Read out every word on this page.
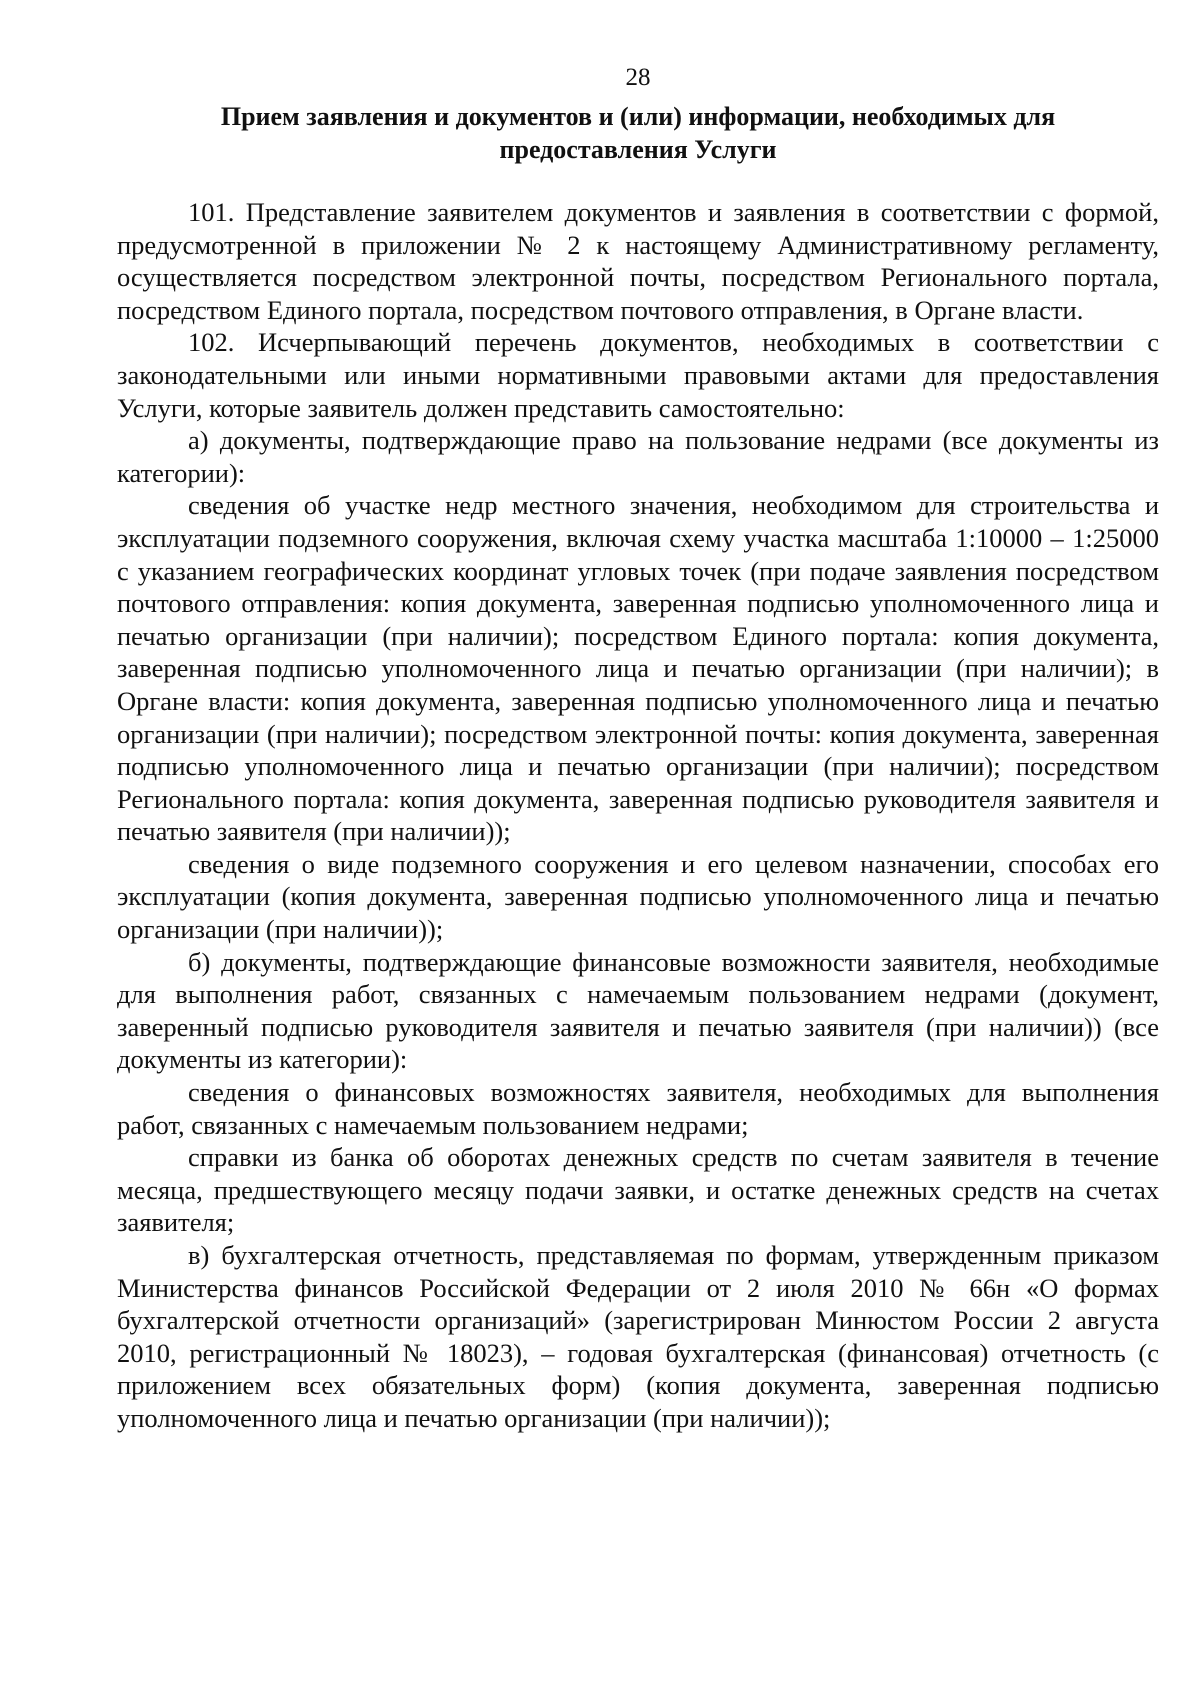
28
Прием заявления и документов и (или) информации, необходимых для
предоставления Услуги

101. Представление заявителем документов и заявления в соответствии с формой, предусмотренной в приложении № 2 к настоящему Административному регламенту, осуществляется посредством электронной почты, посредством Регионального портала, посредством Единого портала, посредством почтового отправления, в Органе власти.

102. Исчерпывающий перечень документов, необходимых в соответствии с законодательными или иными нормативными правовыми актами для предоставления Услуги, которые заявитель должен представить самостоятельно:

а) документы, подтверждающие право на пользование недрами (все документы из категории):

сведения об участке недр местного значения, необходимом для строительства и эксплуатации подземного сооружения, включая схему участка масштаба 1:10000 – 1:25000 с указанием географических координат угловых точек (при подаче заявления посредством почтового отправления: копия документа, заверенная подписью уполномоченного лица и печатью организации (при наличии); посредством Единого портала: копия документа, заверенная подписью уполномоченного лица и печатью организации (при наличии); в Органе власти: копия документа, заверенная подписью уполномоченного лица и печатью организации (при наличии); посредством электронной почты: копия документа, заверенная подписью уполномоченного лица и печатью организации (при наличии); посредством Регионального портала: копия документа, заверенная подписью руководителя заявителя и печатью заявителя (при наличии));

сведения о виде подземного сооружения и его целевом назначении, способах его эксплуатации (копия документа, заверенная подписью уполномоченного лица и печатью организации (при наличии));

б) документы, подтверждающие финансовые возможности заявителя, необходимые для выполнения работ, связанных с намечаемым пользованием недрами (документ, заверенный подписью руководителя заявителя и печатью заявителя (при наличии)) (все документы из категории):

сведения о финансовых возможностях заявителя, необходимых для выполнения работ, связанных с намечаемым пользованием недрами;

справки из банка об оборотах денежных средств по счетам заявителя в течение месяца, предшествующего месяцу подачи заявки, и остатке денежных средств на счетах заявителя;

в) бухгалтерская отчетность, представляемая по формам, утвержденным приказом Министерства финансов Российской Федерации от 2 июля 2010 № 66н «О формах бухгалтерской отчетности организаций» (зарегистрирован Минюстом России 2 августа 2010, регистрационный № 18023), – годовая бухгалтерская (финансовая) отчетность (с приложением всех обязательных форм) (копия документа, заверенная подписью уполномоченного лица и печатью организации (при наличии));
